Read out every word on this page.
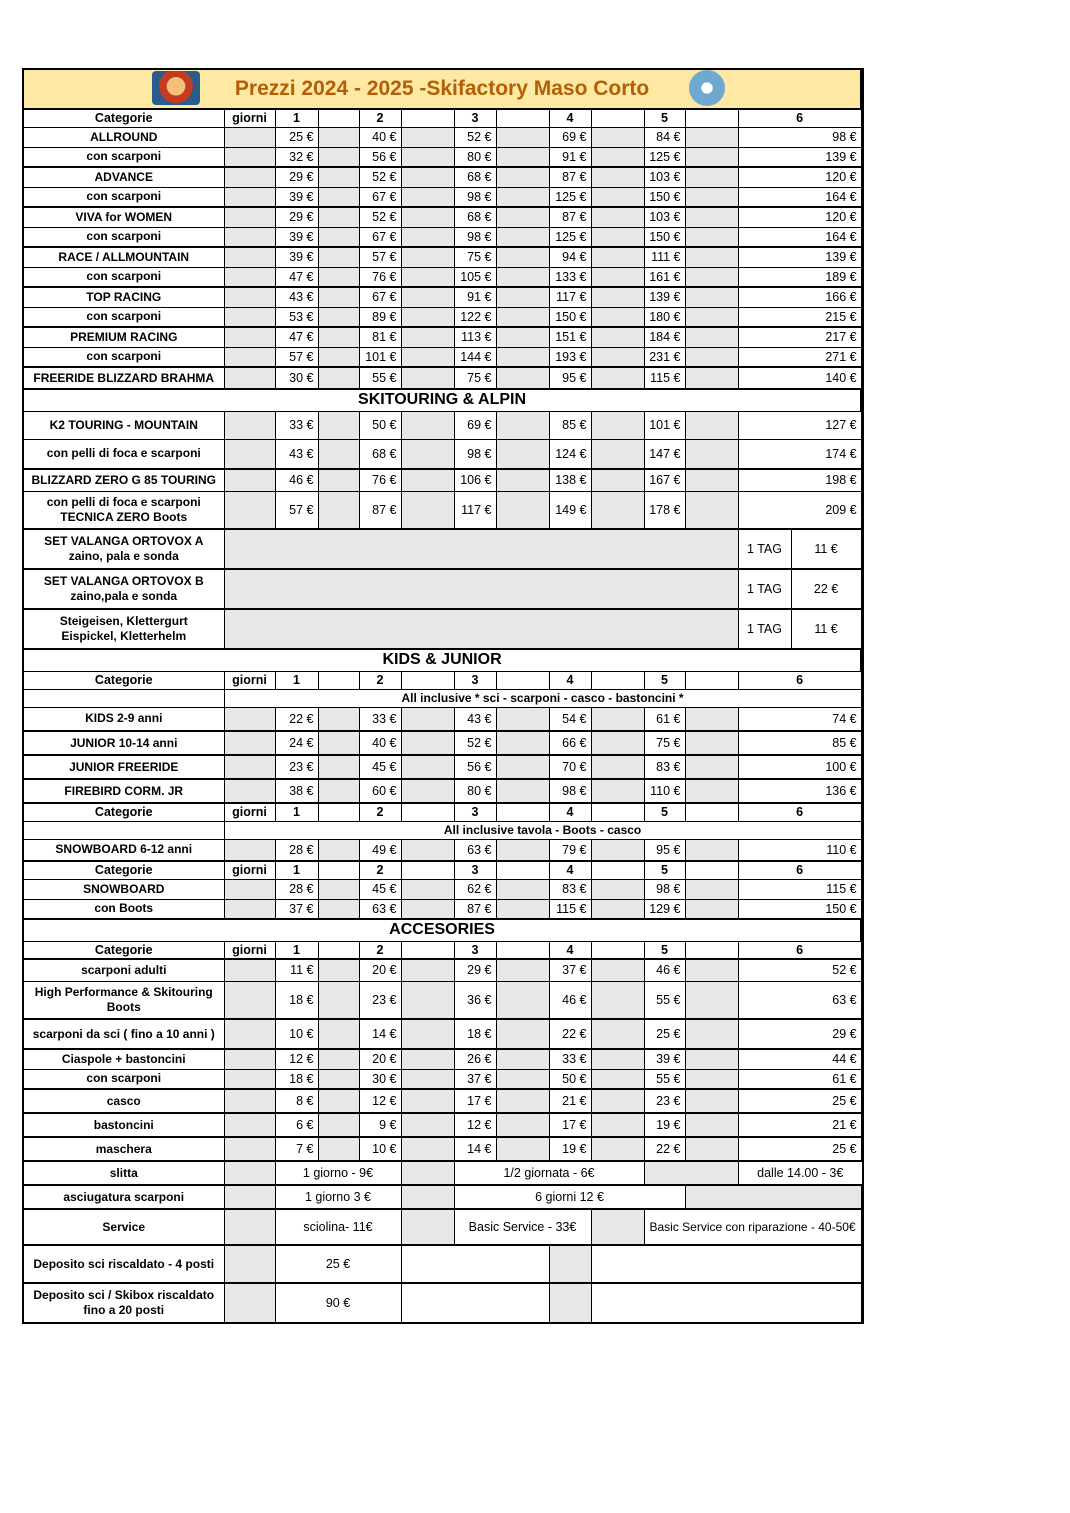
Prezzi 2024 - 2025 -Skifactory Maso Corto														
Categorie	giorni	1		2		3		4		5		6	

ALLROUND		25 €		40 €		52 €		69 €		84 €		98 €	

con scarponi		32 €		56 €		80 €		91 €		125 €		139 €	

ADVANCE		29 €		52 €		68 €		87 €		103 €		120 €	

con scarponi		39 €		67 €		98 €		125 €		150 €		164 €	

VIVA for WOMEN		29 €		52 €		68 €		87 €		103 €		120 €	

con scarponi		39 €		67 €		98 €		125 €		150 €		164 €	

RACE / ALLMOUNTAIN		39 €		57 €		75 €		94 €		111 €		139 €	

con scarponi		47 €		76 €		105 €		133 €		161 €		189 €	

TOP RACING		43 €		67 €		91 €		117 €		139 €		166 €	

con scarponi		53 €		89 €		122 €		150 €		180 €		215 €	

PREMIUM RACING		47 €		81 €		113 €		151 €		184 €		217 €	

con scarponi		57 €		101 €		144 €		193 €		231 €		271 €	

FREERIDE BLIZZARD BRAHMA		30 €		55 €		75 €		95 €		115 €		140 €	
SKITOURING & ALPIN														

K2 TOURING - MOUNTAIN		33 €		50 €		69 €		85 €		101 €		127 €	

con pelli di foca e scarponi		43 €		68 €		98 €		124 €		147 €		174 €	

BLIZZARD ZERO G 85 TOURING		46 €		76 €		106 €		138 €		167 €		198 €	

con pelli di foca e scarponi
TECNICA ZERO Boots		57 €		87 €		117 €		149 €		178 €		209 €	

SET VALANGA ORTOVOX A
zaino, pala e sonda												1 TAG	11 €	

SET VALANGA ORTOVOX B
zaino,pala e sonda												1 TAG	22 €	

Steigeisen, Klettergurt
Eispickel, Kletterhelm												1 TAG	11 €	
KIDS & JUNIOR														
Categorie	giorni	1		2		3		4		5		6	
	All inclusive * sci - scarponi - casco - bastoncini *													

KIDS 2-9 anni		22 €		33 €		43 €		54 €		61 €		74 €	

JUNIOR 10-14 anni		24 €		40 €		52 €		66 €		75 €		85 €	

JUNIOR FREERIDE		23 €		45 €		56 €		70 €		83 €		100 €	

FIREBIRD CORM. JR		38 €		60 €		80 €		98 €		110 €		136 €	
Categorie	giorni	1		2		3		4		5		6	
	All inclusive tavola - Boots - casco													

SNOWBOARD 6-12 anni		28 €		49 €		63 €		79 €		95 €		110 €	
Categorie	giorni	1		2		3		4		5		6	

SNOWBOARD		28 €		45 €		62 €		83 €		98 €		115 €	

con Boots		37 €		63 €		87 €		115 €		129 €		150 €	
ACCESORIES														
Categorie	giorni	1		2		3		4		5		6	

scarponi adulti		11 €		20 €		29 €		37 €		46 €		52 €	

High Performance & Skitouring Boots		18 €		23 €		36 €		46 €		55 €		63 €	

scarponi da sci ( fino a 10 anni )		10 €		14 €		18 €		22 €		25 €		29 €	

Ciaspole + bastoncini		12 €		20 €		26 €		33 €		39 €		44 €	

con scarponi		18 €		30 €		37 €		50 €		55 €		61 €	

casco		8 €		12 €		17 €		21 €		23 €		25 €	

bastoncini		6 €		9 €		12 €		17 €		19 €		21 €	

maschera		7 €		10 €		14 €		19 €		22 €		25 €		
slitta		1 giorno - 9€				1/2 giornata - 6€						dalle 14.00 - 3€		
asciugatura scarponi		1 giorno 3 €				6 giorni 12 €								
Service		sciolina- 11€				Basic Service - 33€				Basic Service con riparazione - 40-50€				
Deposito sci riscaldato - 4 posti		25 €												
Deposito sci / Skibox riscaldato fino a 20 posti		90 €												
